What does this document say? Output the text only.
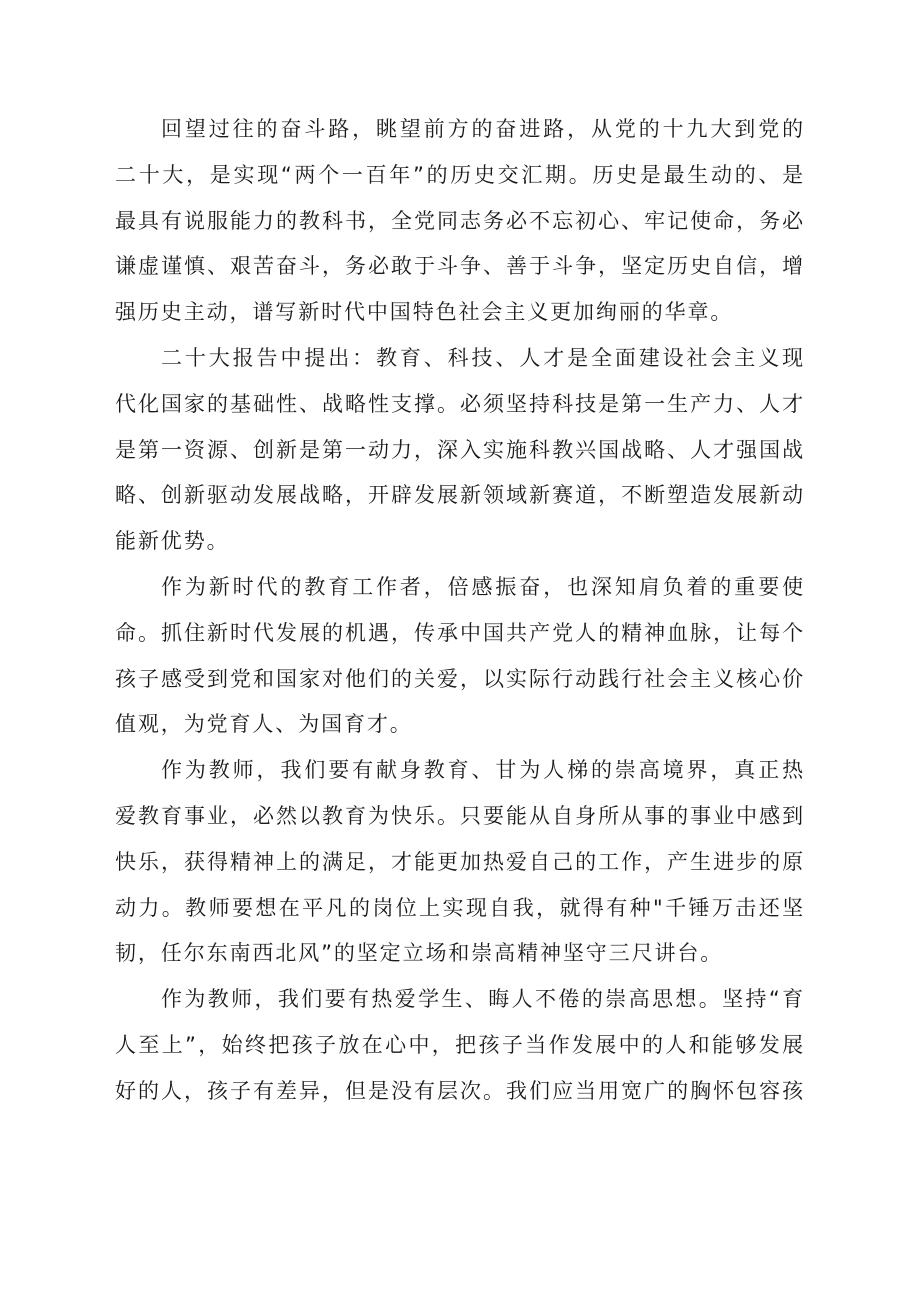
回望过往的奋斗路，眺望前方的奋进路，从党的十九大到党的
二十大，是实现“两个一百年”的历史交汇期。历史是最生动的、是
最具有说服能力的教科书，全党同志务必不忘初心、牢记使命，务必
谦虚谨慎、艰苦奋斗，务必敢于斗争、善于斗争，坚定历史自信，增
强历史主动，谱写新时代中国特色社会主义更加绚丽的华章。
二十大报告中提出：教育、科技、人才是全面建设社会主义现
代化国家的基础性、战略性支撑。必须坚持科技是第一生产力、人才
是第一资源、创新是第一动力，深入实施科教兴国战略、人才强国战
略、创新驱动发展战略，开辟发展新领域新赛道，不断塑造发展新动
能新优势。
作为新时代的教育工作者，倍感振奋，也深知肩负着的重要使
命。抓住新时代发展的机遇，传承中国共产党人的精神血脉，让每个
孩子感受到党和国家对他们的关爱，以实际行动践行社会主义核心价
值观，为党育人、为国育才。
作为教师，我们要有献身教育、甘为人梯的崇高境界，真正热
爱教育事业，必然以教育为快乐。只要能从自身所从事的事业中感到
快乐，获得精神上的满足，才能更加热爱自己的工作，产生进步的原
动力。教师要想在平凡的岗位上实现自我，就得有种"千锤万击还坚
韧，任尔东南西北风”的坚定立场和崇高精神坚守三尺讲台。
作为教师，我们要有热爱学生、晦人不倦的崇高思想。坚持“育
人至上”，始终把孩子放在心中，把孩子当作发展中的人和能够发展
好的人，孩子有差异，但是没有层次。我们应当用宽广的胸怀包容孩
